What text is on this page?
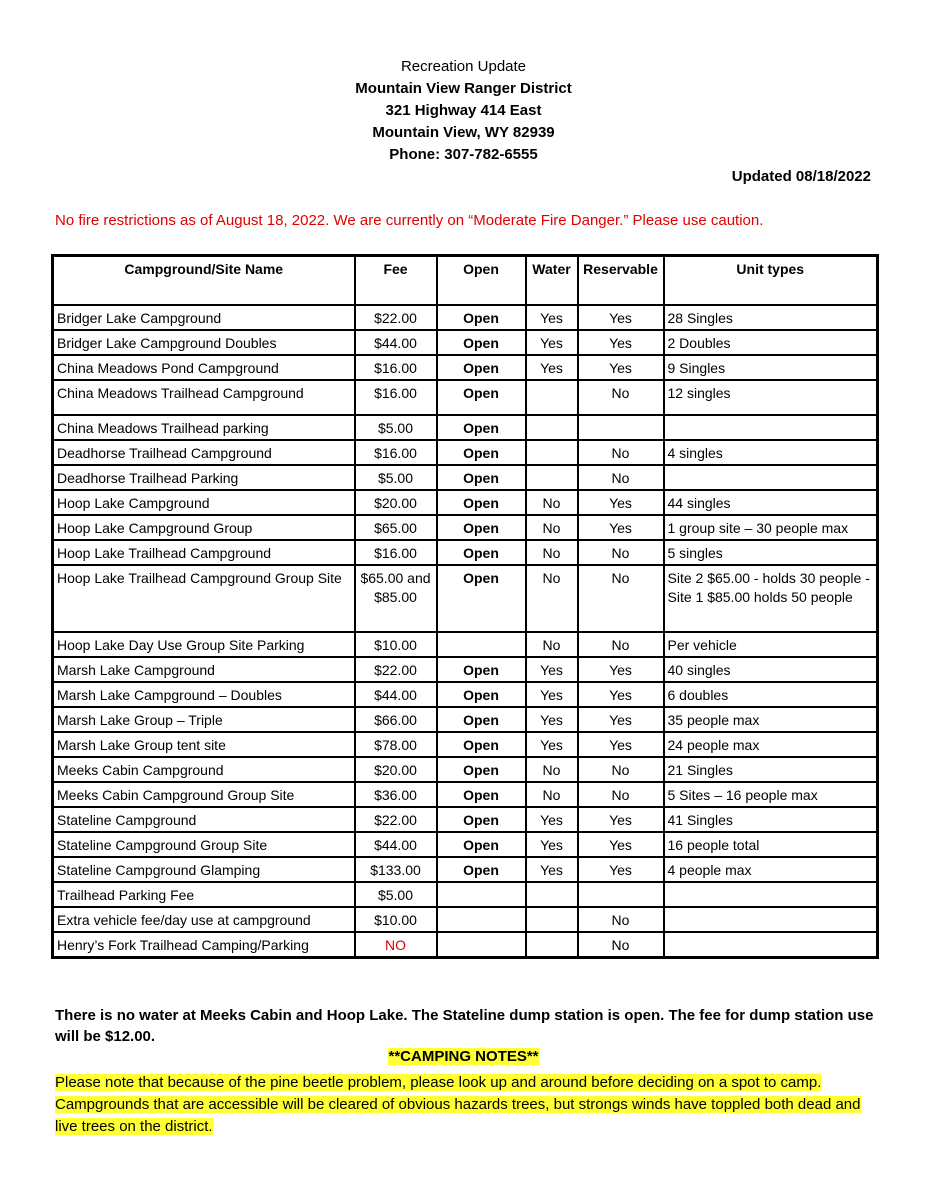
Recreation Update
Mountain View Ranger District
321 Highway 414 East
Mountain View, WY 82939
Phone: 307-782-6555
Updated 08/18/2022
No fire restrictions as of August 18, 2022. We are currently on “Moderate Fire Danger.” Please use caution.
Campground/Site Name	Fee	Open	Water	Reservable	Unit types
Bridger Lake Campground	$22.00	Open	Yes	Yes	28 Singles
Bridger Lake Campground Doubles	$44.00	Open	Yes	Yes	2 Doubles
China Meadows Pond Campground	$16.00	Open	Yes	Yes	9 Singles
China Meadows Trailhead Campground	$16.00	Open		No	12 singles
China Meadows Trailhead parking	$5.00	Open			
Deadhorse Trailhead Campground	$16.00	Open		No	4 singles
Deadhorse Trailhead Parking	$5.00	Open		No	
Hoop Lake Campground	$20.00	Open	No	Yes	44 singles
Hoop Lake Campground Group	$65.00	Open	No	Yes	1 group site – 30 people max
Hoop Lake Trailhead Campground	$16.00	Open	No	No	5 singles
Hoop Lake Trailhead Campground Group Site	$65.00 and $85.00	Open	No	No	Site 2 $65.00 - holds 30 people - Site 1 $85.00 holds 50 people
Hoop Lake Day Use Group Site Parking	$10.00		No	No	Per vehicle
Marsh Lake Campground	$22.00	Open	Yes	Yes	40 singles
Marsh Lake Campground – Doubles	$44.00	Open	Yes	Yes	6 doubles
Marsh Lake Group – Triple	$66.00	Open	Yes	Yes	35 people max
Marsh Lake Group tent site	$78.00	Open	Yes	Yes	24 people max
Meeks Cabin Campground	$20.00	Open	No	No	21 Singles
Meeks Cabin Campground Group Site	$36.00	Open	No	No	5 Sites – 16 people max
Stateline Campground	$22.00	Open	Yes	Yes	41 Singles
Stateline Campground Group Site	$44.00	Open	Yes	Yes	16 people total
Stateline Campground Glamping	$133.00	Open	Yes	Yes	4 people max
Trailhead Parking Fee	$5.00				
Extra vehicle fee/day use at campground	$10.00			No	
Henry’s Fork Trailhead Camping/Parking	NO			No	
There is no water at Meeks Cabin and Hoop Lake. The Stateline dump station is open. The fee for dump station use will be $12.00.
**CAMPING NOTES**
Please note that because of the pine beetle problem, please look up and around before deciding on a spot to camp. Campgrounds that are accessible will be cleared of obvious hazards trees, but strongs winds have toppled both dead and live trees on the district.
